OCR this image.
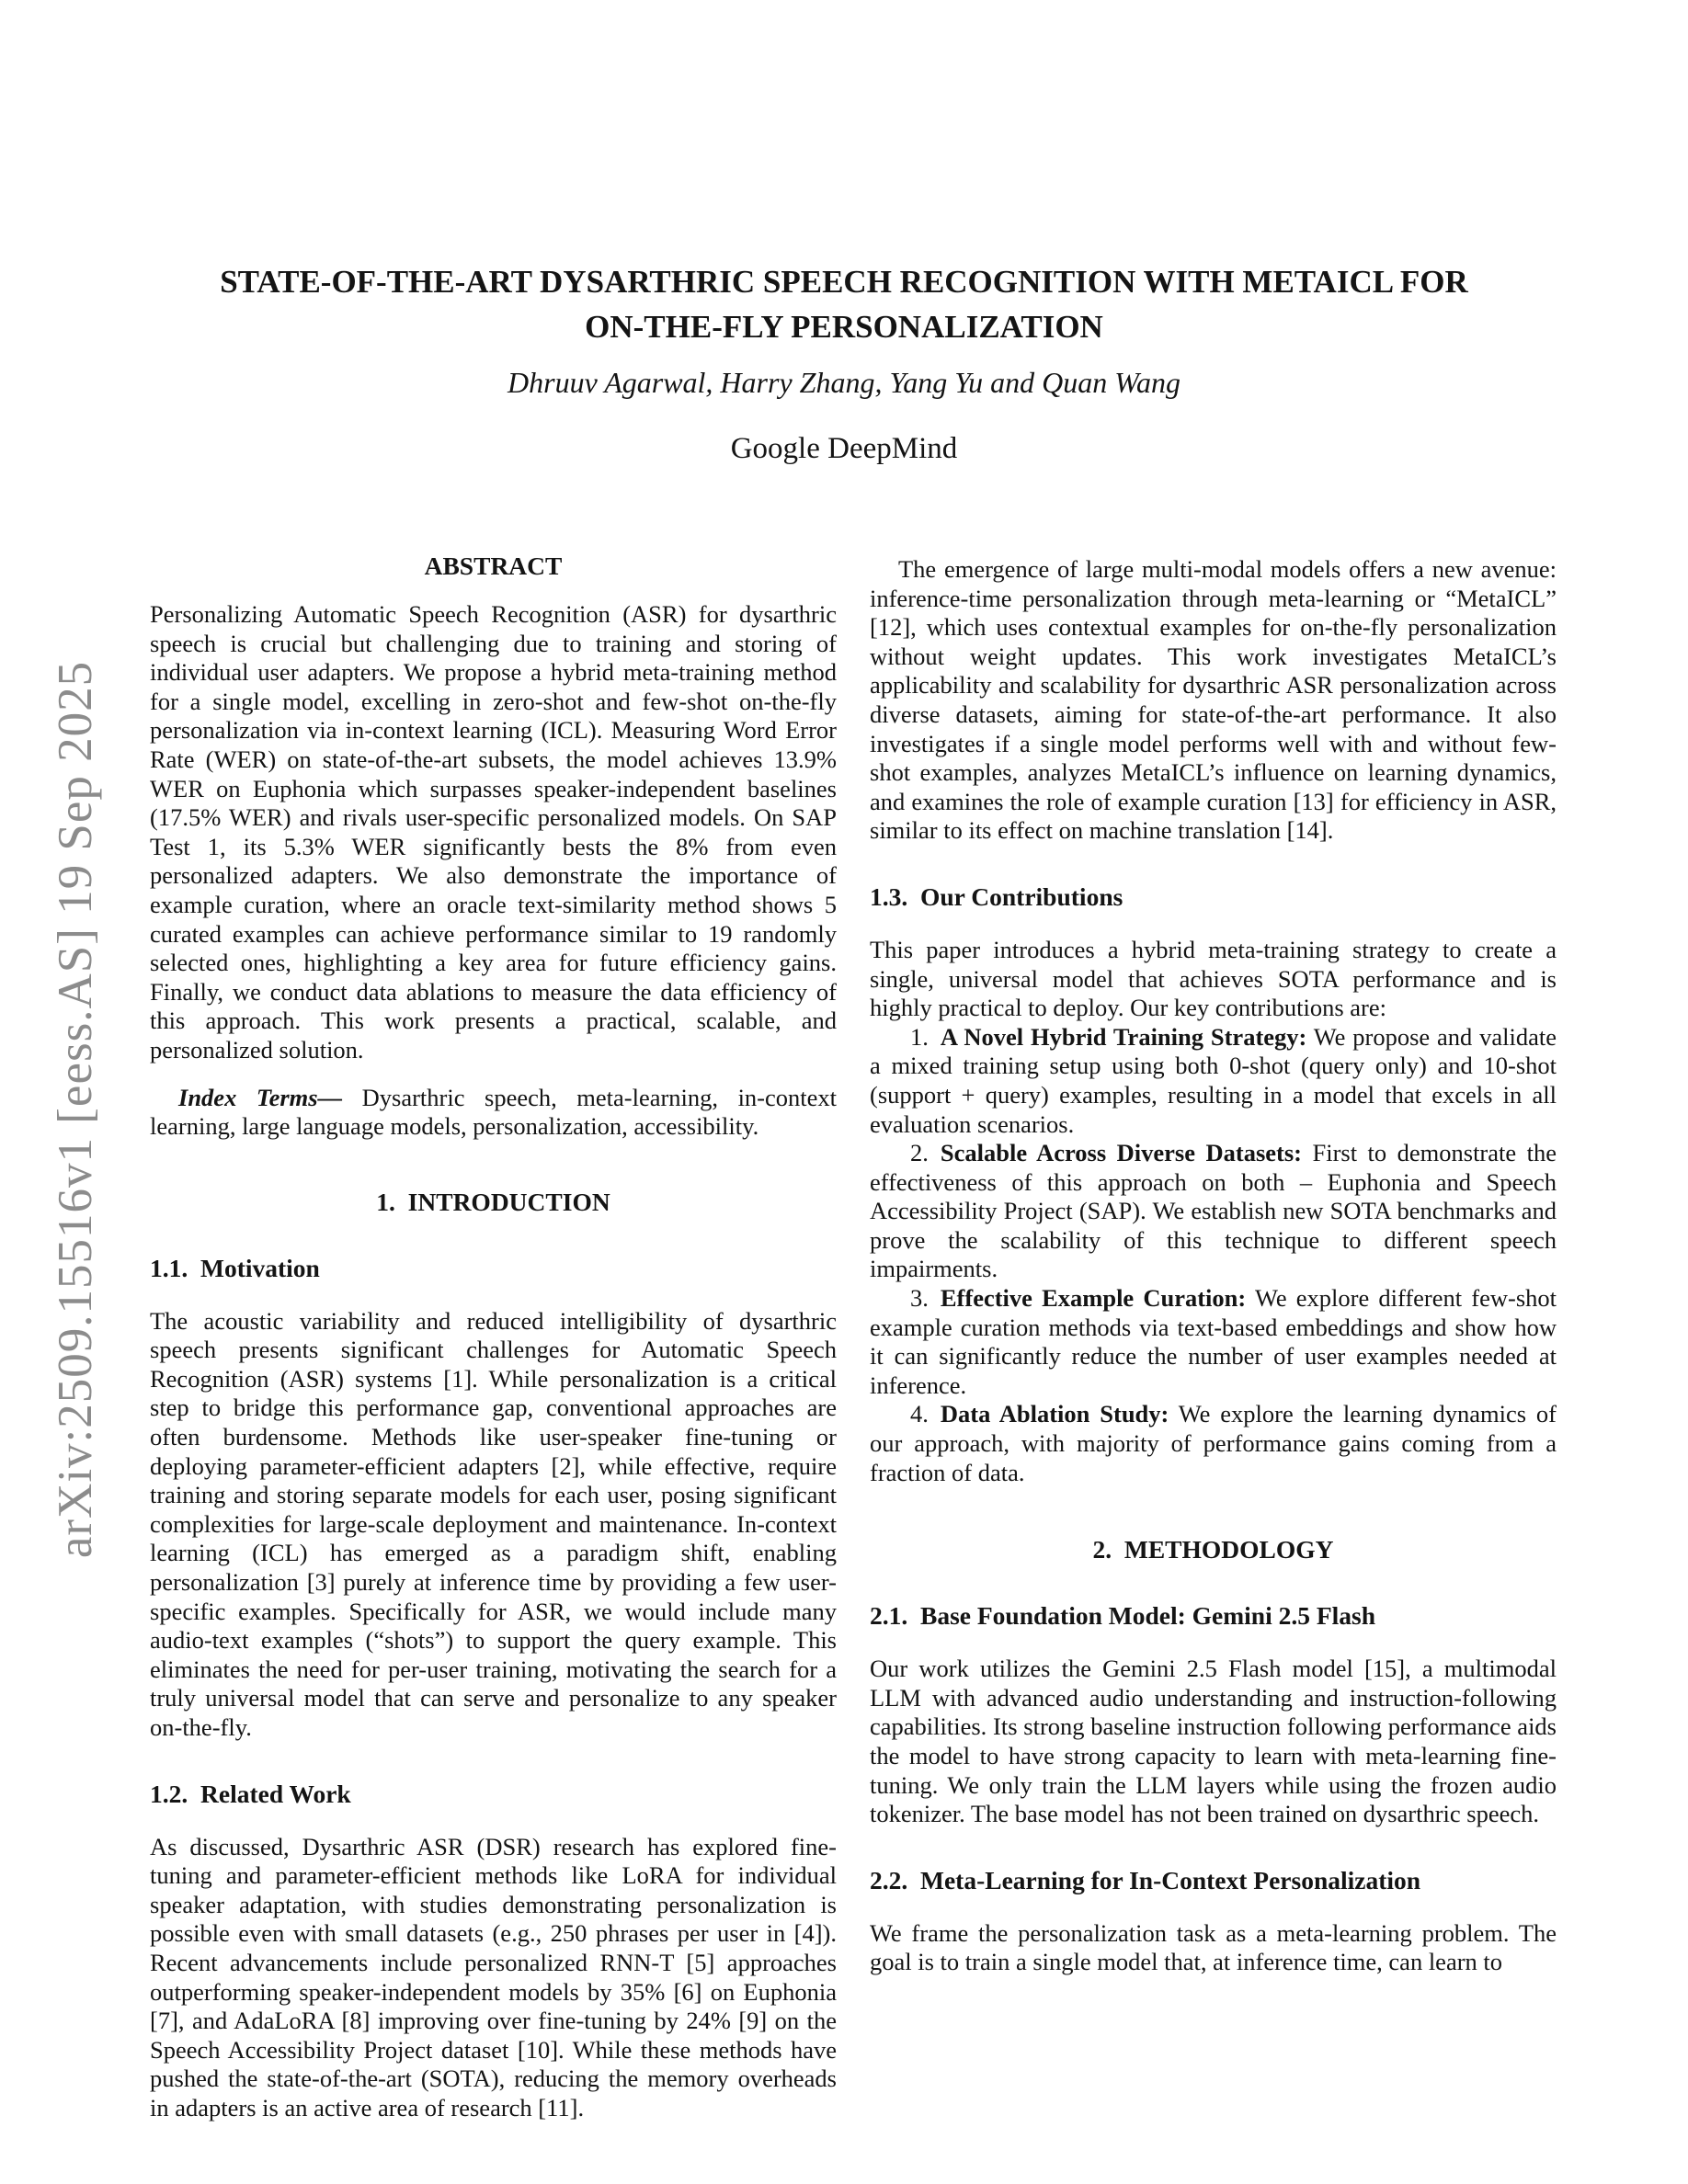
arXiv:2509.15516v1 [eess.AS] 19 Sep 2025
STATE-OF-THE-ART DYSARTHRIC SPEECH RECOGNITION WITH METAICL FOR
ON-THE-FLY PERSONALIZATION
Dhruuv Agarwal, Harry Zhang, Yang Yu and Quan Wang
Google DeepMind
ABSTRACT

Personalizing Automatic Speech Recognition (ASR) for dysarthric speech is crucial but challenging due to training and storing of individual user adapters. We propose a hybrid meta-training method for a single model, excelling in zero-shot and few-shot on-the-fly personalization via in-context learning (ICL). Measuring Word Error Rate (WER) on state-of-the-art subsets, the model achieves 13.9% WER on Euphonia which surpasses speaker-independent baselines (17.5% WER) and rivals user-specific personalized models. On SAP Test 1, its 5.3% WER significantly bests the 8% from even personalized adapters. We also demonstrate the importance of example curation, where an oracle text-similarity method shows 5 curated examples can achieve performance similar to 19 randomly selected ones, highlighting a key area for future efficiency gains. Finally, we conduct data ablations to measure the data efficiency of this approach. This work presents a practical, scalable, and personalized solution.

Index Terms— Dysarthric speech, meta-learning, in-context learning, large language models, personalization, accessibility.

1.  INTRODUCTION
1.1.  Motivation

The acoustic variability and reduced intelligibility of dysarthric speech presents significant challenges for Automatic Speech Recognition (ASR) systems [1]. While personalization is a critical step to bridge this performance gap, conventional approaches are often burdensome. Methods like user-speaker fine-tuning or deploying parameter-efficient adapters [2], while effective, require training and storing separate models for each user, posing significant complexities for large-scale deployment and maintenance. In-context learning (ICL) has emerged as a paradigm shift, enabling personalization [3] purely at inference time by providing a few user-specific examples. Specifically for ASR, we would include many audio-text examples (“shots”) to support the query example. This eliminates the need for per-user training, motivating the search for a truly universal model that can serve and personalize to any speaker on-the-fly.

1.2.  Related Work

As discussed, Dysarthric ASR (DSR) research has explored fine-tuning and parameter-efficient methods like LoRA for individual speaker adaptation, with studies demonstrating personalization is possible even with small datasets (e.g., 250 phrases per user in [4]). Recent advancements include personalized RNN-T [5] approaches outperforming speaker-independent models by 35% [6] on Euphonia [7], and AdaLoRA [8] improving over fine-tuning by 24% [9] on the Speech Accessibility Project dataset [10]. While these methods have pushed the state-of-the-art (SOTA), reducing the memory overheads in adapters is an active area of research [11].

The emergence of large multi-modal models offers a new avenue: inference-time personalization through meta-learning or “MetaICL” [12], which uses contextual examples for on-the-fly personalization without weight updates. This work investigates MetaICL’s applicability and scalability for dysarthric ASR personalization across diverse datasets, aiming for state-of-the-art performance. It also investigates if a single model performs well with and without few-shot examples, analyzes MetaICL’s influence on learning dynamics, and examines the role of example curation [13] for efficiency in ASR, similar to its effect on machine translation [14].

1.3.  Our Contributions

This paper introduces a hybrid meta-training strategy to create a single, universal model that achieves SOTA performance and is highly practical to deploy. Our key contributions are:

1. A Novel Hybrid Training Strategy: We propose and validate a mixed training setup using both 0-shot (query only) and 10-shot (support + query) examples, resulting in a model that excels in all evaluation scenarios.

2. Scalable Across Diverse Datasets: First to demonstrate the effectiveness of this approach on both – Euphonia and Speech Accessibility Project (SAP). We establish new SOTA benchmarks and prove the scalability of this technique to different speech impairments.

3. Effective Example Curation: We explore different few-shot example curation methods via text-based embeddings and show how it can significantly reduce the number of user examples needed at inference.

4. Data Ablation Study: We explore the learning dynamics of our approach, with majority of performance gains coming from a fraction of data.

2.  METHODOLOGY
2.1.  Base Foundation Model: Gemini 2.5 Flash

Our work utilizes the Gemini 2.5 Flash model [15], a multimodal LLM with advanced audio understanding and instruction-following capabilities. Its strong baseline instruction following performance aids the model to have strong capacity to learn with meta-learning fine-tuning. We only train the LLM layers while using the frozen audio tokenizer. The base model has not been trained on dysarthric speech.

2.2.  Meta-Learning for In-Context Personalization

We frame the personalization task as a meta-learning problem. The goal is to train a single model that, at inference time, can learn to
